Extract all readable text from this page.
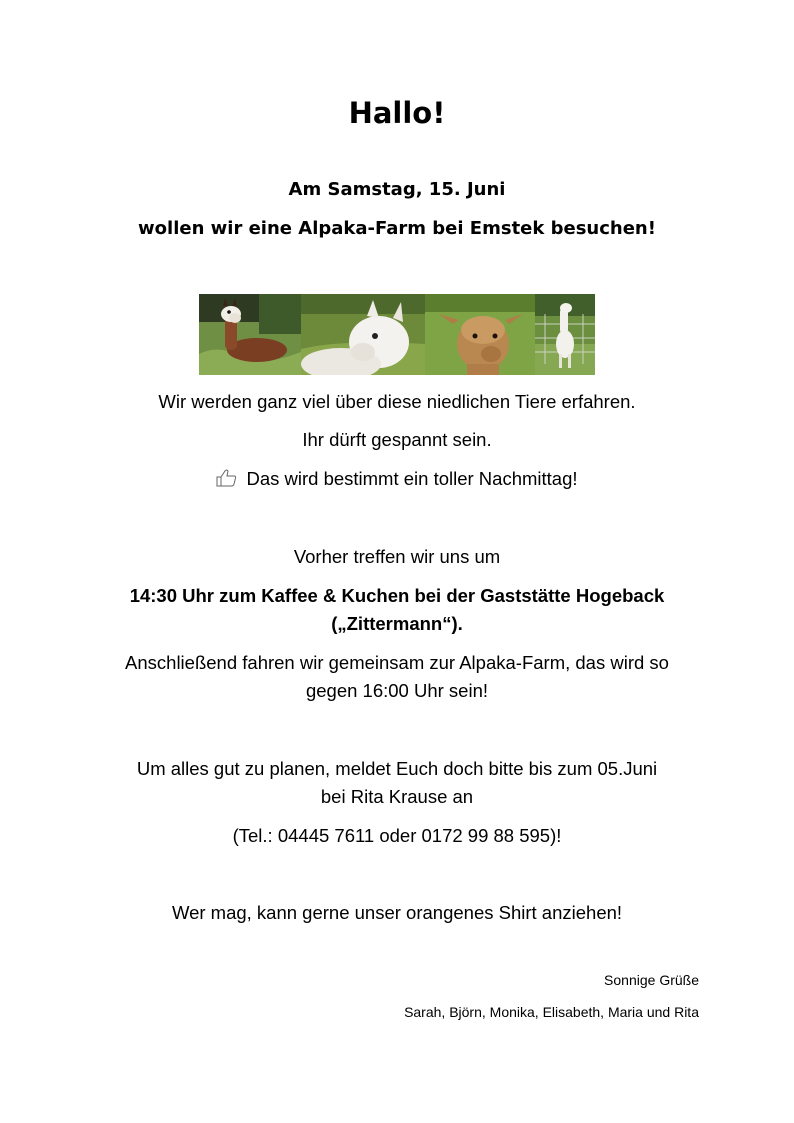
Hallo!
Am Samstag, 15. Juni
wollen wir eine Alpaka-Farm bei Emstek besuchen!
Wir werden ganz viel über diese niedlichen Tiere erfahren.
Ihr dürft gespannt sein.
Das wird bestimmt ein toller Nachmittag!
Vorher treffen wir uns um
14:30 Uhr zum Kaffee & Kuchen bei der Gaststätte Hogeback
(„Zittermann“).
Anschließend fahren wir gemeinsam zur Alpaka-Farm, das wird so
gegen 16:00 Uhr sein!
Um alles gut zu planen, meldet Euch doch bitte bis zum 05.Juni
bei Rita Krause an
(Tel.: 04445 7611 oder 0172 99 88 595)!
Wer mag, kann gerne unser orangenes Shirt anziehen!
Sonnige Grüße
Sarah, Björn, Monika, Elisabeth, Maria und Rita
